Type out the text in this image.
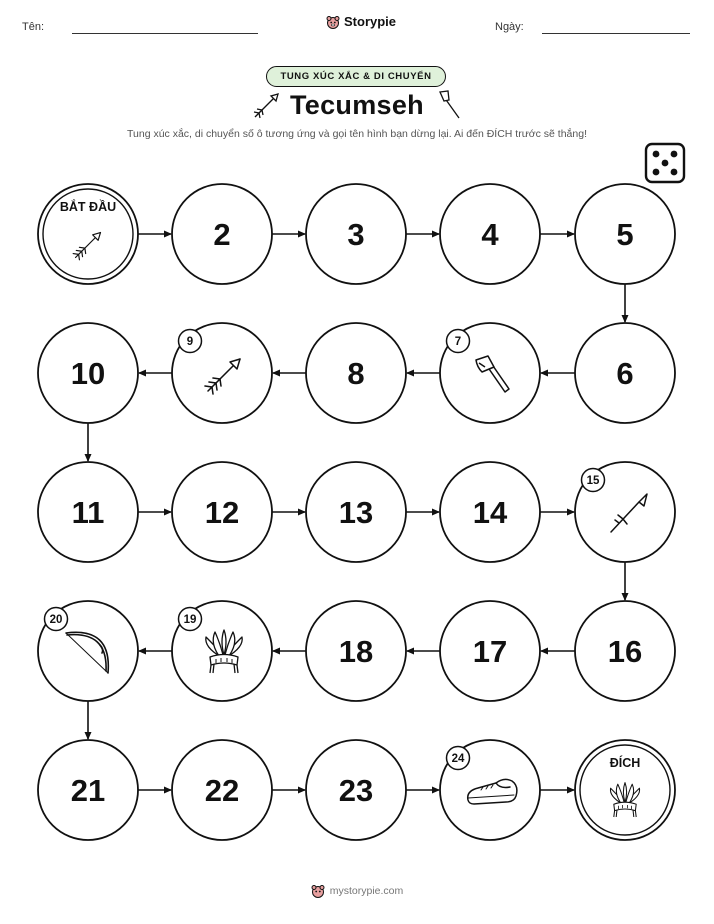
Tên:	Storypie	Ngày:
TUNG XÚC XẮC & DI CHUYỂN
Tecumseh
Tung xúc xắc, di chuyển số ô tương ứng và gọi tên hình bạn dừng lại. Ai đến ĐÍCH trước sẽ thắng!
BẮT ĐẦU
2	3	4	5
10
9
8
7
6
11	12	13	14
15
20	19
18	17	16
21	22	23
24	ĐÍCH
mystorypie.com
